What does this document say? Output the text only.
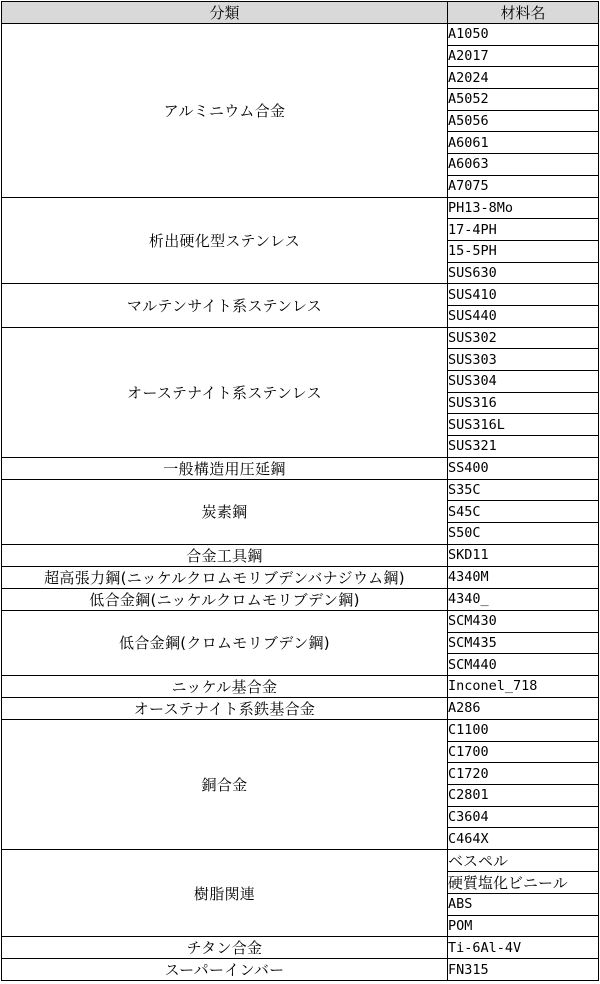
分類	材料名
アルミニウム合金	A1050
	A2017
	A2024
	A5052
	A5056
	A6061
	A6063
	A7075
析出硬化型ステンレス	PH13-8Mo
	17-4PH
	15-5PH
	SUS630
マルテンサイト系ステンレス	SUS410
	SUS440
オーステナイト系ステンレス	SUS302
	SUS303
	SUS304
	SUS316
	SUS316L
	SUS321
一般構造用圧延鋼	SS400
炭素鋼	S35C
	S45C
	S50C
合金工具鋼	SKD11
超高張力鋼(ニッケルクロムモリブデンバナジウム鋼)	4340M
低合金鋼(ニッケルクロムモリブデン鋼)	4340_
低合金鋼(クロムモリブデン鋼)	SCM430
	SCM435
	SCM440
ニッケル基合金	Inconel_718
オーステナイト系鉄基合金	A286
銅合金	C1100
	C1700
	C1720
	C2801
	C3604
	C464X
樹脂関連	ベスペル
	硬質塩化ビニール
	ABS
	POM
チタン合金	Ti-6Al-4V
スーパーインバー	FN315
